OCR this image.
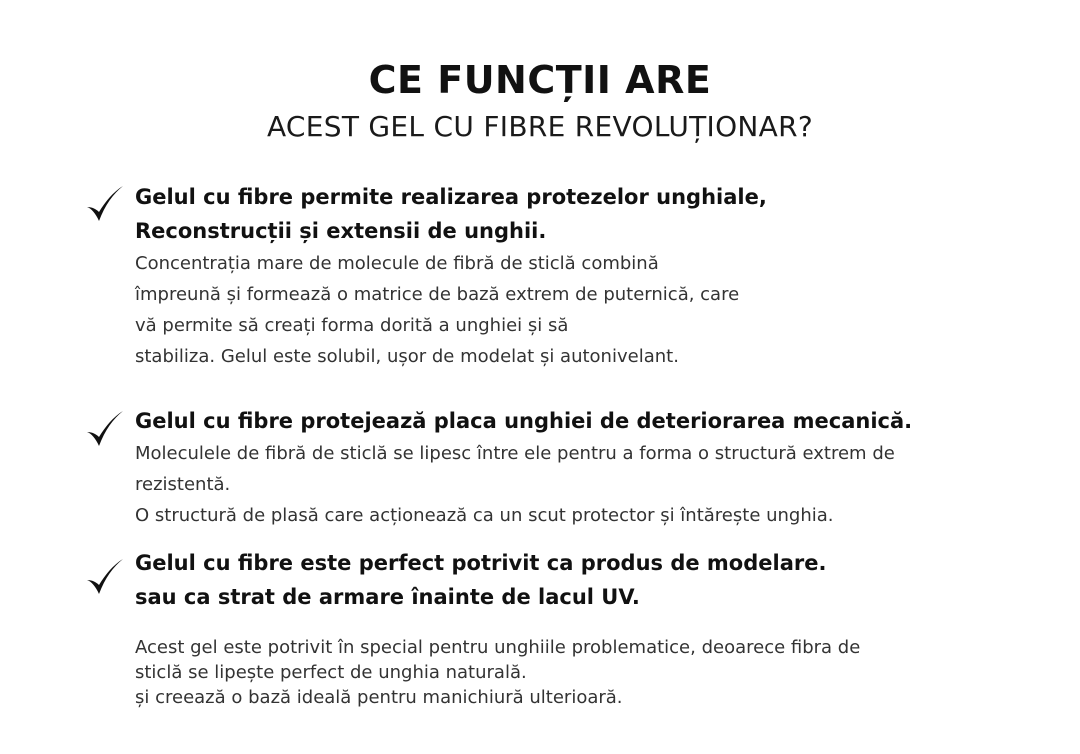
CE FUNCȚII ARE
ACEST GEL CU FIBRE REVOLUȚIONAR?
Gelul cu fibre permite realizarea protezelor unghiale,
Reconstrucții și extensii de unghii.
Concentrația mare de molecule de fibră de sticlă combină
împreună și formează o matrice de bază extrem de puternică, care
vă permite să creați forma dorită a unghiei și să
stabiliza. Gelul este solubil, ușor de modelat și autonivelant.
Gelul cu fibre protejează placa unghiei de deteriorarea mecanică.
Moleculele de fibră de sticlă se lipesc între ele pentru a forma o structură extrem de
rezistentă.
O structură de plasă care acționează ca un scut protector și întărește unghia.
Gelul cu fibre este perfect potrivit ca produs de modelare.
sau ca strat de armare înainte de lacul UV.
Acest gel este potrivit în special pentru unghiile problematice, deoarece fibra de
sticlă se lipește perfect de unghia naturală.
și creează o bază ideală pentru manichiură ulterioară.
